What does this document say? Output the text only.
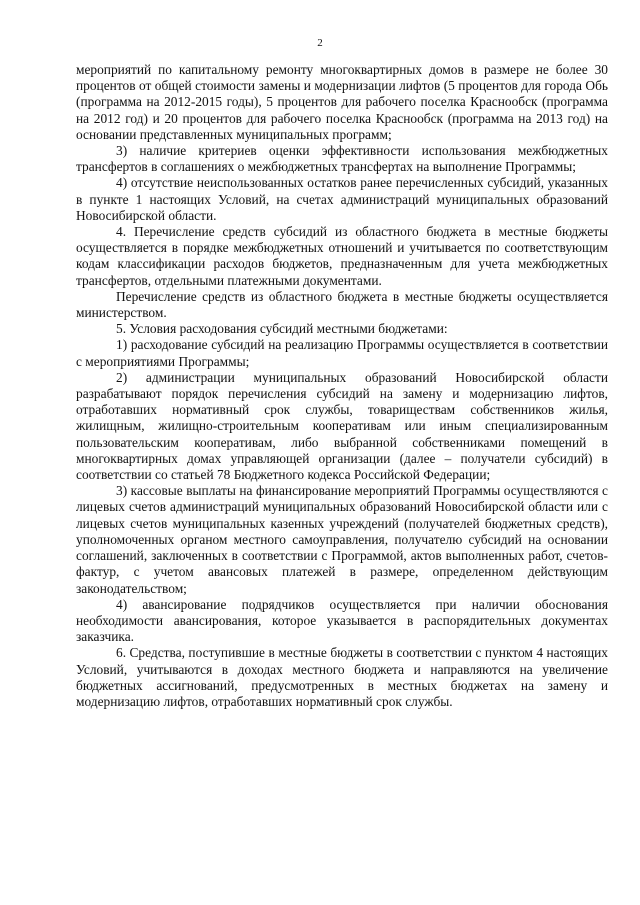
2

мероприятий по капитальному ремонту многоквартирных домов в размере не более 30 процентов от общей стоимости замены и модернизации лифтов (5 процентов для города Обь (программа на 2012-2015 годы), 5 процентов для рабочего поселка Краснообск (программа на 2012 год) и 20 процентов для рабочего поселка Краснообск (программа на 2013 год) на основании представленных муниципальных программ;

3) наличие критериев оценки эффективности использования межбюджетных трансфертов в соглашениях о межбюджетных трансфертах на выполнение Программы;

4) отсутствие неиспользованных остатков ранее перечисленных субсидий, указанных в пункте 1 настоящих Условий, на счетах администраций муниципальных образований Новосибирской области.

4. Перечисление средств субсидий из областного бюджета в местные бюджеты осуществляется в порядке межбюджетных отношений и учитывается по соответствующим кодам классификации расходов бюджетов, предназначенным для учета межбюджетных трансфертов, отдельными платежными документами.

Перечисление средств из областного бюджета в местные бюджеты осуществляется министерством.

5. Условия расходования субсидий местными бюджетами:

1) расходование субсидий на реализацию Программы осуществляется в соответствии с мероприятиями Программы;

2) администрации муниципальных образований Новосибирской области разрабатывают порядок перечисления субсидий на замену и модернизацию лифтов, отработавших нормативный срок службы, товариществам собственников жилья, жилищным, жилищно-строительным кооперативам или иным специализированным пользовательским кооперативам, либо выбранной собственниками помещений в многоквартирных домах управляющей организации (далее – получатели субсидий) в соответствии со статьей 78 Бюджетного кодекса Российской Федерации;

3) кассовые выплаты на финансирование мероприятий Программы осуществляются с лицевых счетов администраций муниципальных образований Новосибирской области или с лицевых счетов муниципальных казенных учреждений (получателей бюджетных средств), уполномоченных органом местного самоуправления, получателю субсидий на основании соглашений, заключенных в соответствии с Программой, актов выполненных работ, счетов-фактур, с учетом авансовых платежей в размере, определенном действующим законодательством;

4) авансирование подрядчиков осуществляется при наличии обоснования необходимости авансирования, которое указывается в распорядительных документах заказчика.

6. Средства, поступившие в местные бюджеты в соответствии с пунктом 4 настоящих Условий, учитываются в доходах местного бюджета и направляются на увеличение бюджетных ассигнований, предусмотренных в местных бюджетах на замену и модернизацию лифтов, отработавших нормативный срок службы.
